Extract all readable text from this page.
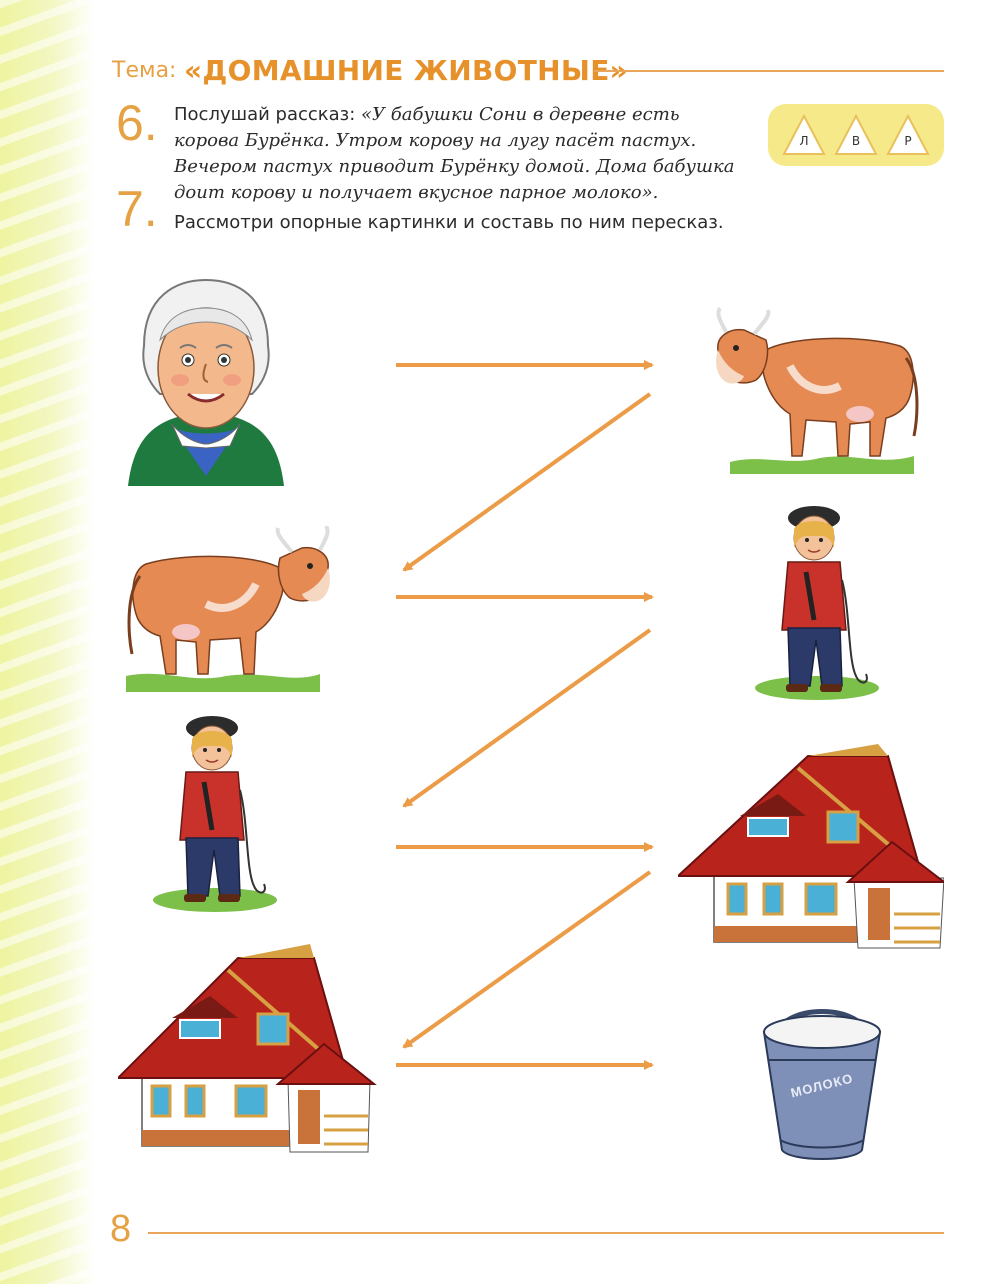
Тема: «ДОМАШНИЕ ЖИВОТНЫЕ»
6. Послушай рассказ: «У бабушки Сони в деревне есть корова Бурёнка. Утром корову на лугу пасёт пастух. Вечером пастух приводит Бурёнку домой. Дома бабушка доит корову и получает вкусное парное молоко».
7. Рассмотри опорные картинки и составь по ним пересказ.
Л	В	Р
МОЛОКО
8
